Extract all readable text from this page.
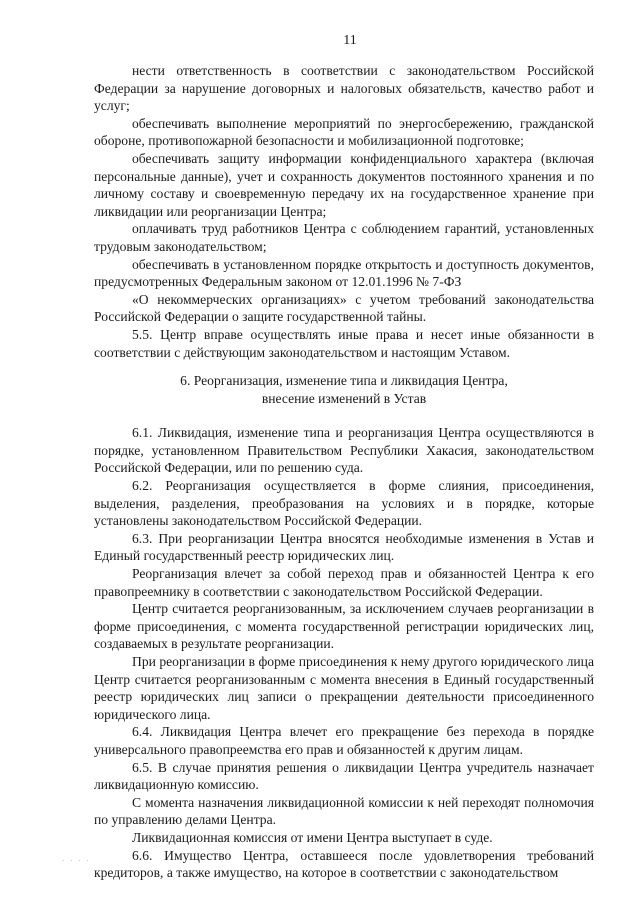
11

нести ответственность в соответствии с законодательством Российской Федерации за нарушение договорных и налоговых обязательств, качество работ и услуг;

обеспечивать выполнение мероприятий по энергосбережению, гражданской обороне, противопожарной безопасности и мобилизационной подготовке;

обеспечивать защиту информации конфиденциального характера (включая персональные данные), учет и сохранность документов постоянного хранения и по личному составу и своевременную передачу их на государственное хранение при ликвидации или реорганизации Центра;

оплачивать труд работников Центра с соблюдением гарантий, установленных трудовым законодательством;

обеспечивать в установленном порядке открытость и доступность документов, предусмотренных Федеральным законом от 12.01.1996 № 7-ФЗ

«О некоммерческих организациях» с учетом требований законодательства Российской Федерации о защите государственной тайны.

5.5. Центр вправе осуществлять иные права и несет иные обязанности в соответствии с действующим законодательством и настоящим Уставом.

6. Реорганизация, изменение типа и ликвидация Центра,
внесение изменений в Устав

6.1. Ликвидация, изменение типа и реорганизация Центра осуществляются в порядке, установленном Правительством Республики Хакасия, законодательством Российской Федерации, или по решению суда.

6.2. Реорганизация осуществляется в форме слияния, присоединения, выделения, разделения, преобразования на условиях и в порядке, которые установлены законодательством Российской Федерации.

6.3. При реорганизации Центра вносятся необходимые изменения в Устав и Единый государственный реестр юридических лиц.

Реорганизация влечет за собой переход прав и обязанностей Центра к его правопреемнику в соответствии с законодательством Российской Федерации.

Центр считается реорганизованным, за исключением случаев реорганизации в форме присоединения, с момента государственной регистрации юридических лиц, создаваемых в результате реорганизации.

При реорганизации в форме присоединения к нему другого юридического лица Центр считается реорганизованным с момента внесения в Единый государственный реестр юридических лиц записи о прекращении деятельности присоединенного юридического лица.

6.4. Ликвидация Центра влечет его прекращение без перехода в порядке универсального правопреемства его прав и обязанностей к другим лицам.

6.5. В случае принятия решения о ликвидации Центра учредитель назначает ликвидационную комиссию.

С момента назначения ликвидационной комиссии к ней переходят полномочия по управлению делами Центра.

Ликвидационная комиссия от имени Центра выступает в суде.

6.6. Имущество Центра, оставшееся после удовлетворения требований кредиторов, а также имущество, на которое в соответствии с законодательством

· · · ·
